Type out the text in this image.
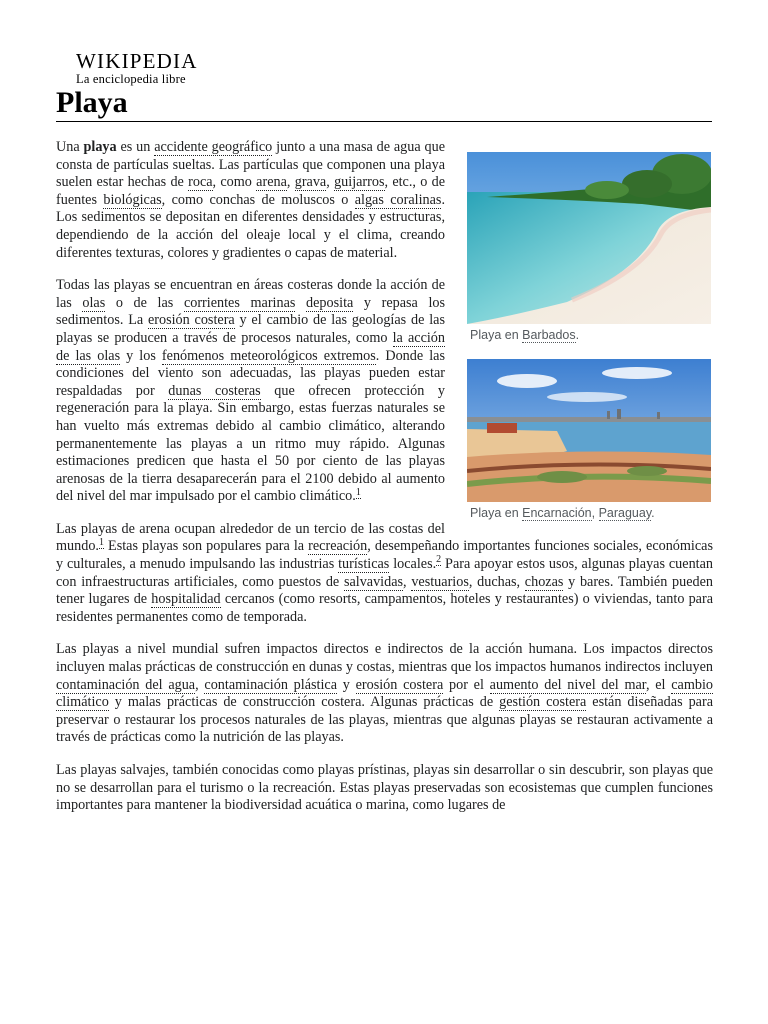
WIKIPEDIA
La enciclopedia libre
Playa
Playa en Barbados.
Playa en Encarnación, Paraguay.

Una playa es un accidente geográfico junto a una masa de agua que consta de partículas sueltas. Las partículas que componen una playa suelen estar hechas de roca, como arena, grava, guijarros, etc., o de fuentes biológicas, como conchas de moluscos o algas coralinas. Los sedimentos se depositan en diferentes densidades y estructuras, dependiendo de la acción del oleaje local y el clima, creando diferentes texturas, colores y gradientes o capas de material.

Todas las playas se encuentran en áreas costeras donde la acción de las olas o de las corrientes marinas deposita y repasa los sedimentos. La erosión costera y el cambio de las geologías de las playas se producen a través de procesos naturales, como la acción de las olas y los fenómenos meteorológicos extremos. Donde las condiciones del viento son adecuadas, las playas pueden estar respaldadas por dunas costeras que ofrecen protección y regeneración para la playa. Sin embargo, estas fuerzas naturales se han vuelto más extremas debido al cambio climático, alterando permanentemente las playas a un ritmo muy rápido. Algunas estimaciones predicen que hasta el 50 por ciento de las playas arenosas de la tierra desaparecerán para el 2100 debido al aumento del nivel del mar impulsado por el cambio climático.$^1$

Las playas de arena ocupan alrededor de un tercio de las costas del mundo.$^1$ Estas playas son populares para la recreación, desempeñando importantes funciones sociales, económicas y culturales, a menudo impulsando las industrias turísticas locales.$^2$ Para apoyar estos usos, algunas playas cuentan con infraestructuras artificiales, como puestos de salvavidas, vestuarios, duchas, chozas y bares. También pueden tener lugares de hospitalidad cercanos (como resorts, campamentos, hoteles y restaurantes) o viviendas, tanto para residentes permanentes como de temporada.

Las playas a nivel mundial sufren impactos directos e indirectos de la acción humana. Los impactos directos incluyen malas prácticas de construcción en dunas y costas, mientras que los impactos humanos indirectos incluyen contaminación del agua, contaminación plástica y erosión costera por el aumento del nivel del mar, el cambio climático y malas prácticas de construcción costera. Algunas prácticas de gestión costera están diseñadas para preservar o restaurar los procesos naturales de las playas, mientras que algunas playas se restauran activamente a través de prácticas como la nutrición de las playas.

Las playas salvajes, también conocidas como playas prístinas, playas sin desarrollar o sin descubrir, son playas que no se desarrollan para el turismo o la recreación. Estas playas preservadas son ecosistemas que cumplen funciones importantes para mantener la biodiversidad acuática o marina, como lugares de
